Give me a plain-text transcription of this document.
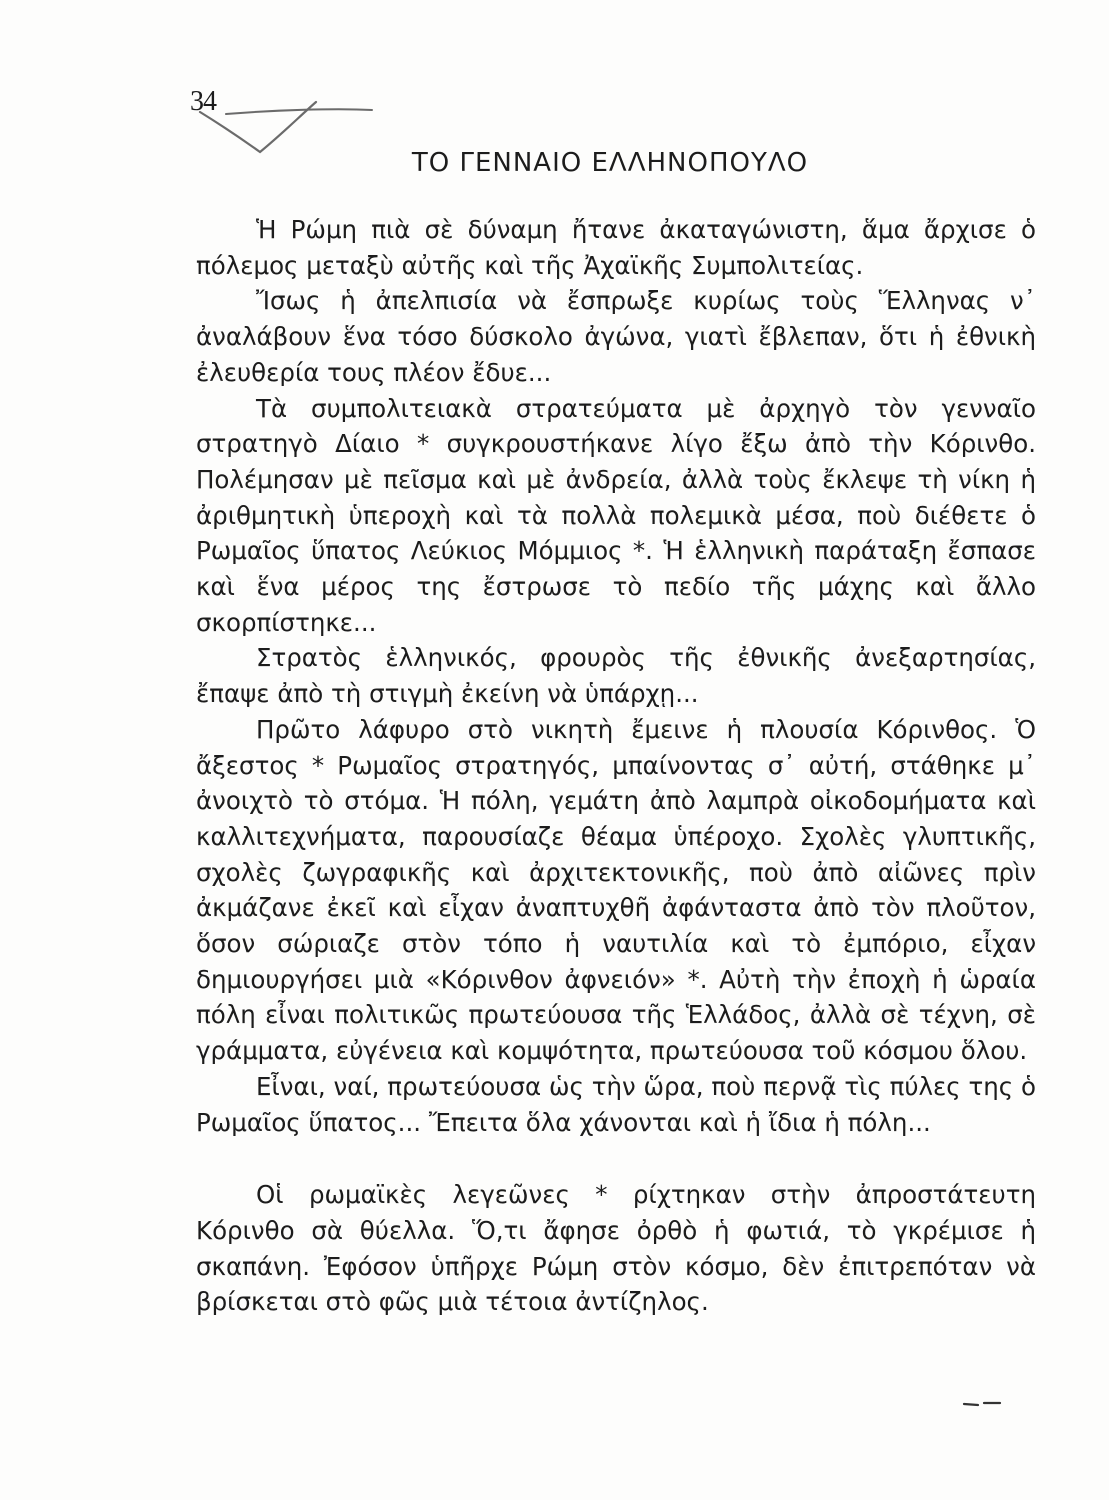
34
ΤΟ ΓΕΝΝΑΙΟ ΕΛΛΗΝΟΠΟΥΛΟ

Ἡ Ρώμη πιὰ σὲ δύναμη ἤτανε ἀκαταγώνιστη, ἅμα ἄρχισε ὁ πόλεμος μεταξὺ αὐτῆς καὶ τῆς Ἀχαϊκῆς Συμπολιτείας.

Ἴσως ἡ ἀπελπισία νὰ ἔσπρωξε κυρίως τοὺς Ἕλληνας ν᾽ ἀναλάβουν ἕνα τόσο δύσκολο ἀγώνα, γιατὶ ἔβλεπαν, ὅτι ἡ ἐθνικὴ ἐλευθερία τους πλέον ἔδυε...

Τὰ συμπολιτειακὰ στρατεύματα μὲ ἀρχηγὸ τὸν γενναῖο στρατηγὸ Δίαιο * συγκρουστήκανε λίγο ἔξω ἀπὸ τὴν Κόρινθο. Πολέμησαν μὲ πεῖσμα καὶ μὲ ἀνδρεία, ἀλλὰ τοὺς ἔκλεψε τὴ νίκη ἡ ἀριθμητικὴ ὑπεροχὴ καὶ τὰ πολλὰ πολεμικὰ μέσα, ποὺ διέθετε ὁ Ρωμαῖος ὕπατος Λεύκιος Μόμμιος *. Ἡ ἑλληνικὴ παράταξη ἔσπασε καὶ ἕνα μέρος της ἔστρωσε τὸ πεδίο τῆς μάχης καὶ ἄλλο σκορπίστηκε...

Στρατὸς ἑλληνικός, φρουρὸς τῆς ἐθνικῆς ἀνεξαρτησίας, ἔπαψε ἀπὸ τὴ στιγμὴ ἐκείνη νὰ ὑπάρχῃ...

Πρῶτο λάφυρο στὸ νικητὴ ἔμεινε ἡ πλουσία Κόρινθος. Ὁ ἄξεστος * Ρωμαῖος στρατηγός, μπαίνοντας σ᾽ αὐτή, στάθηκε μ᾽ ἀνοιχτὸ τὸ στόμα. Ἡ πόλη, γεμάτη ἀπὸ λαμπρὰ οἰκοδομήματα καὶ καλλιτεχνήματα, παρουσίαζε θέαμα ὑπέροχο. Σχολὲς γλυπτικῆς, σχολὲς ζωγραφικῆς καὶ ἀρχιτεκτονικῆς, ποὺ ἀπὸ αἰῶνες πρὶν ἀκμάζανε ἐκεῖ καὶ εἶχαν ἀναπτυχθῆ ἀφάνταστα ἀπὸ τὸν πλοῦτον, ὅσον σώριαζε στὸν τόπο ἡ ναυτιλία καὶ τὸ ἐμπόριο, εἶχαν δημιουργήσει μιὰ «Κόρινθον ἀφνειόν» *. Αὐτὴ τὴν ἐποχὴ ἡ ὡραία πόλη εἶναι πολιτικῶς πρωτεύουσα τῆς Ἑλλάδος, ἀλλὰ σὲ τέχνη, σὲ γράμματα, εὐγένεια καὶ κομψότητα, πρωτεύουσα τοῦ κόσμου ὅλου.

Εἶναι, ναί, πρωτεύουσα ὡς τὴν ὥρα, ποὺ περνᾷ τὶς πύλες της ὁ Ρωμαῖος ὕπατος... Ἔπειτα ὅλα χάνονται καὶ ἡ ἴδια ἡ πόλη...

Οἱ ρωμαϊκὲς λεγεῶνες * ρίχτηκαν στὴν ἀπροστάτευτη Κόρινθο σὰ θύελλα. Ὅ,τι ἄφησε ὀρθὸ ἡ φωτιά, τὸ γκρέμισε ἡ σκαπάνη. Ἐφόσον ὑπῆρχε Ρώμη στὸν κόσμο, δὲν ἐπιτρεπόταν νὰ βρίσκεται στὸ φῶς μιὰ τέτοια ἀντίζηλος.
